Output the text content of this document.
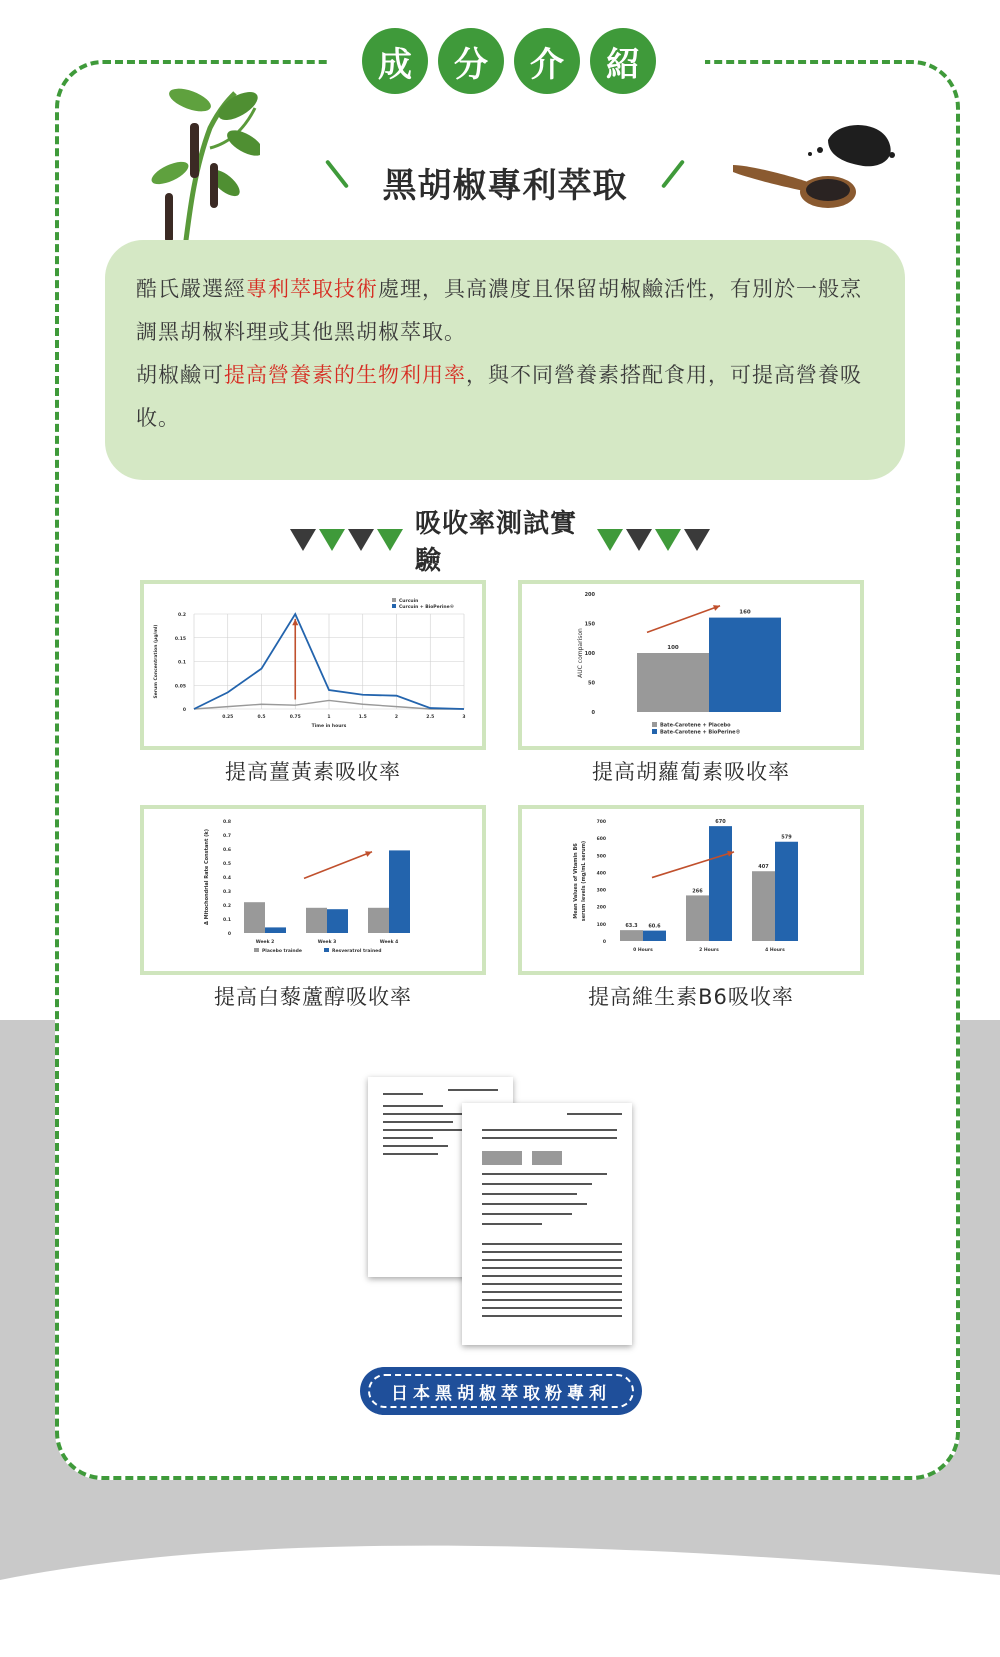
成	分	介	紹
黑胡椒專利萃取

酷氏嚴選經專利萃取技術處理，具高濃度且保留胡椒鹼活性，有別於一般烹調黑胡椒料理或其他黑胡椒萃取。

胡椒鹼可提高營養素的生物利用率，與不同營養素搭配食用，可提高營養吸收。

吸收率測試實驗
0
0.05
0.1
0.15
0.2
0.25	0.5	0.75	1	1.5	2	2.5	3
Time in hours
Serum Concentration (μg/ml)
Curcuin
Curcuin + BioPerine®
提高薑黃素吸收率
0
50
100
150
200
AUC comparison	100
Bate-Carotene + Placebo
160
Bate-Carotene + BioPerine®
提高胡蘿蔔素吸收率
0
0.1
0.2
0.3
0.4
0.5
0.6
0.7
0.8
Δ Mitochondrial Rate Constant (k)
Week 2	Week 3	Week 4
Placebo trainde	Resveratrol trained
提高白藜蘆醇吸收率
0
100
200
300
400
500
600
700
Mean Values of Vitamin B6 serum levels (mg/mL serum)
63.3 60.6
0 Hours
266
670
2 Hours
407
579
4 Hours
提高維生素B6吸收率
日本黑胡椒萃取粉專利
